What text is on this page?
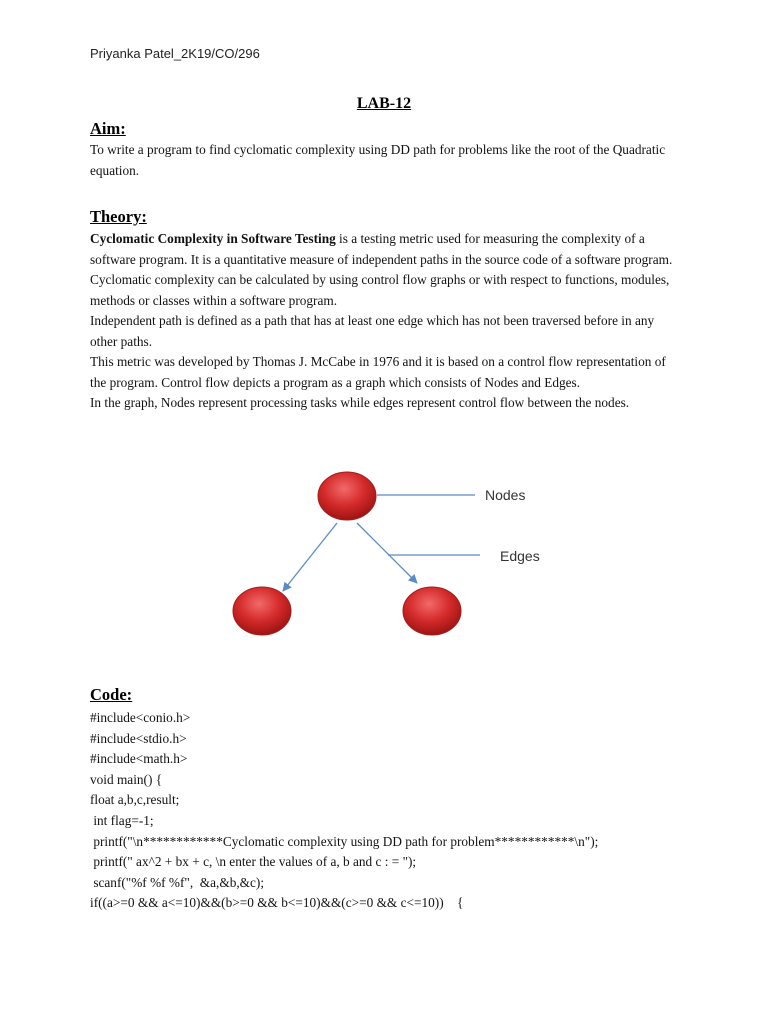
Priyanka Patel_2K19/CO/296
LAB-12
Aim:

To write a program to find cyclomatic complexity using DD path for problems like the root of the Quadratic equation.

Theory:

Cyclomatic Complexity in Software Testing is a testing metric used for measuring the complexity of a software program. It is a quantitative measure of independent paths in the source code of a software program. Cyclomatic complexity can be calculated by using control flow graphs or with respect to functions, modules, methods or classes within a software program.

Independent path is defined as a path that has at least one edge which has not been traversed before in any other paths.

This metric was developed by Thomas J. McCabe in 1976 and it is based on a control flow representation of the program. Control flow depicts a program as a graph which consists of Nodes and Edges.

In the graph, Nodes represent processing tasks while edges represent control flow between the nodes.

Nodes
Edges
Code:
#include<conio.h>
#include<stdio.h>
#include<math.h>
void main() {
float a,b,c,result;
int flag=-1;
printf("\n************Cyclomatic complexity using DD path for problem************\n");
printf(" ax^2 + bx + c, \n enter the values of a, b and c : = ");
scanf("%f %f %f",  &a,&b,&c);
if((a>=0 && a<=10)&&(b>=0 && b<=10)&&(c>=0 && c<=10))    {
